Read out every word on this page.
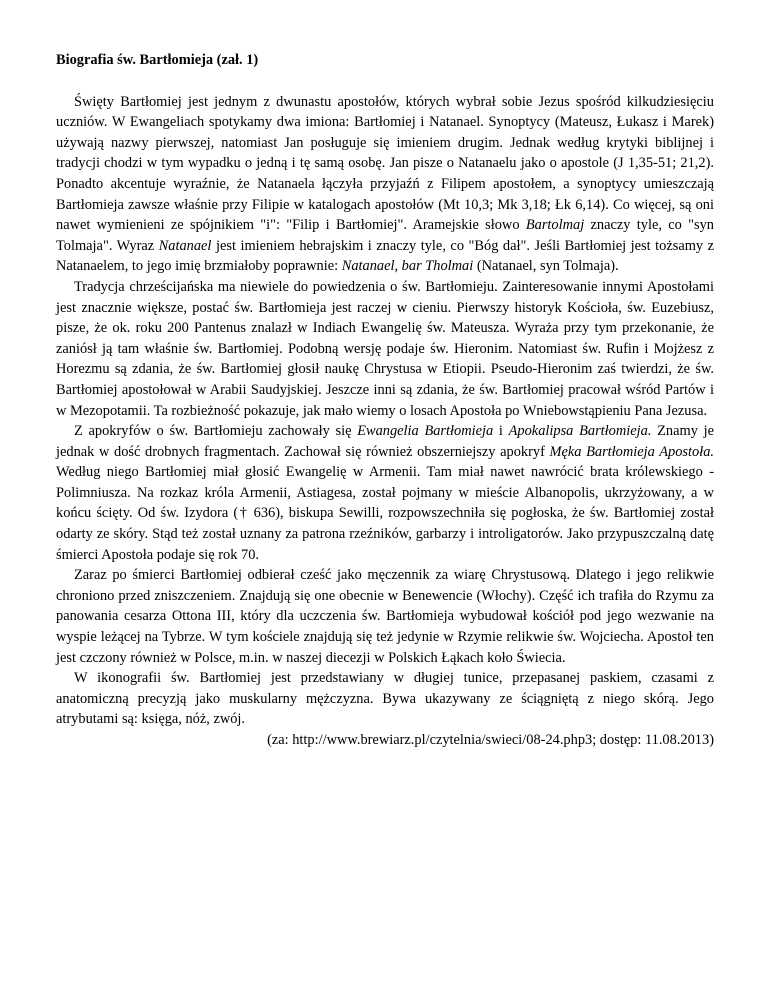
Biografia św. Bartłomieja (zał. 1)

Święty Bartłomiej jest jednym z dwunastu apostołów, których wybrał sobie Jezus spośród kilkudziesięciu uczniów. W Ewangeliach spotykamy dwa imiona: Bartłomiej i Natanael. Synoptycy (Mateusz, Łukasz i Marek) używają nazwy pierwszej, natomiast Jan posługuje się imieniem drugim. Jednak według krytyki biblijnej i tradycji chodzi w tym wypadku o jedną i tę samą osobę. Jan pisze o Natanaelu jako o apostole (J 1,35-51; 21,2). Ponadto akcentuje wyraźnie, że Natanaela łączyła przyjaźń z Filipem apostołem, a synoptycy umieszczają Bartłomieja zawsze właśnie przy Filipie w katalogach apostołów (Mt 10,3; Mk 3,18; Łk 6,14). Co więcej, są oni nawet wymienieni ze spójnikiem "i": "Filip i Bartłomiej". Aramejskie słowo Bartolmaj znaczy tyle, co "syn Tolmaja". Wyraz Natanael jest imieniem hebrajskim i znaczy tyle, co "Bóg dał". Jeśli Bartłomiej jest tożsamy z Natanaelem, to jego imię brzmiałoby poprawnie: Natanael, bar Tholmai (Natanael, syn Tolmaja).

Tradycja chrześcijańska ma niewiele do powiedzenia o św. Bartłomieju. Zainteresowanie innymi Apostołami jest znacznie większe, postać św. Bartłomieja jest raczej w cieniu. Pierwszy historyk Kościoła, św. Euzebiusz, pisze, że ok. roku 200 Pantenus znalazł w Indiach Ewangelię św. Mateusza. Wyraża przy tym przekonanie, że zaniósł ją tam właśnie św. Bartłomiej. Podobną wersję podaje św. Hieronim. Natomiast św. Rufin i Mojżesz z Horezmu są zdania, że św. Bartłomiej głosił naukę Chrystusa w Etiopii. Pseudo-Hieronim zaś twierdzi, że św. Bartłomiej apostołował w Arabii Saudyjskiej. Jeszcze inni są zdania, że św. Bartłomiej pracował wśród Partów i w Mezopotamii. Ta rozbieżność pokazuje, jak mało wiemy o losach Apostoła po Wniebowstąpieniu Pana Jezusa.

Z apokryfów o św. Bartłomieju zachowały się Ewangelia Bartłomieja i Apokalipsa Bartłomieja. Znamy je jednak w dość drobnych fragmentach. Zachował się również obszerniejszy apokryf Męka Bartłomieja Apostoła. Według niego Bartłomiej miał głosić Ewangelię w Armenii. Tam miał nawet nawrócić brata królewskiego - Polimniusza. Na rozkaz króla Armenii, Astiagesa, został pojmany w mieście Albanopolis, ukrzyżowany, a w końcu ścięty. Od św. Izydora († 636), biskupa Sewilli, rozpowszechniła się pogłoska, że św. Bartłomiej został odarty ze skóry. Stąd też został uznany za patrona rzeźników, garbarzy i introligatorów. Jako przypuszczalną datę śmierci Apostoła podaje się rok 70.

Zaraz po śmierci Bartłomiej odbierał cześć jako męczennik za wiarę Chrystusową. Dlatego i jego relikwie chroniono przed zniszczeniem. Znajdują się one obecnie w Benewencie (Włochy). Część ich trafiła do Rzymu za panowania cesarza Ottona III, który dla uczczenia św. Bartłomieja wybudował kościół pod jego wezwanie na wyspie leżącej na Tybrze. W tym kościele znajdują się też jedynie w Rzymie relikwie św. Wojciecha. Apostoł ten jest czczony również w Polsce, m.in. w naszej diecezji w Polskich Łąkach koło Świecia.

W ikonografii św. Bartłomiej jest przedstawiany w długiej tunice, przepasanej paskiem, czasami z anatomiczną precyzją jako muskularny mężczyzna. Bywa ukazywany ze ściągniętą z niego skórą. Jego atrybutami są: księga, nóż, zwój.

(za: http://www.brewiarz.pl/czytelnia/swieci/08-24.php3; dostęp: 11.08.2013)
